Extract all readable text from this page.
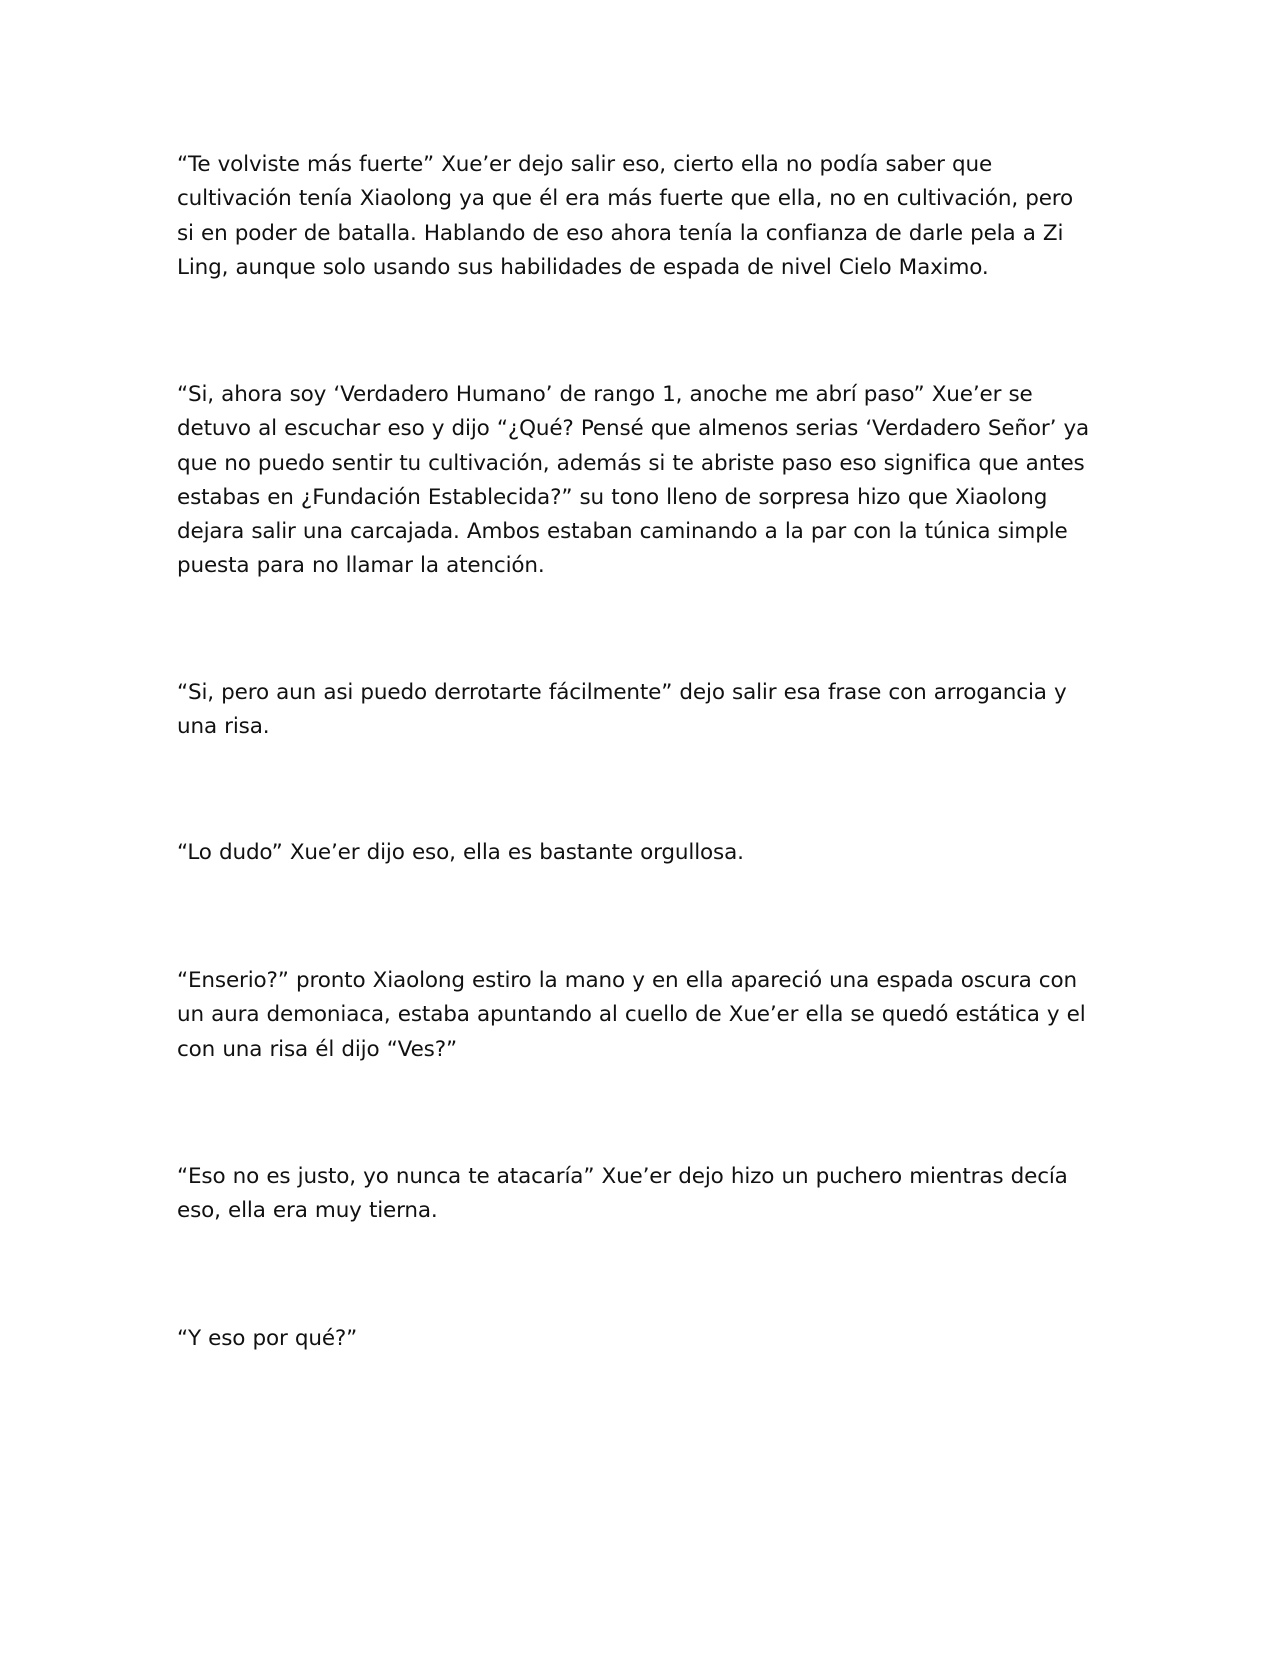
“Te volviste más fuerte” Xue’er dejo salir eso, cierto ella no podía saber que cultivación tenía Xiaolong ya que él era más fuerte que ella, no en cultivación, pero si en poder de batalla. Hablando de eso ahora tenía la confianza de darle pela a Zi Ling, aunque solo usando sus habilidades de espada de nivel Cielo Maximo.

“Si, ahora soy ‘Verdadero Humano’ de rango 1, anoche me abrí paso” Xue’er se detuvo al escuchar eso y dijo “¿Qué? Pensé que almenos serias ‘Verdadero Señor’ ya que no puedo sentir tu cultivación, además si te abriste paso eso significa que antes estabas en ¿Fundación Establecida?” su tono lleno de sorpresa hizo que Xiaolong dejara salir una carcajada. Ambos estaban caminando a la par con la túnica simple puesta para no llamar la atención.

“Si, pero aun asi puedo derrotarte fácilmente” dejo salir esa frase con arrogancia y una risa.

“Lo dudo” Xue’er dijo eso, ella es bastante orgullosa.

“Enserio?” pronto Xiaolong estiro la mano y en ella apareció una espada oscura con un aura demoniaca, estaba apuntando al cuello de Xue’er ella se quedó estática y el con una risa él dijo “Ves?”

“Eso no es justo, yo nunca te atacaría” Xue’er dejo hizo un puchero mientras decía eso, ella era muy tierna.

“Y eso por qué?”
